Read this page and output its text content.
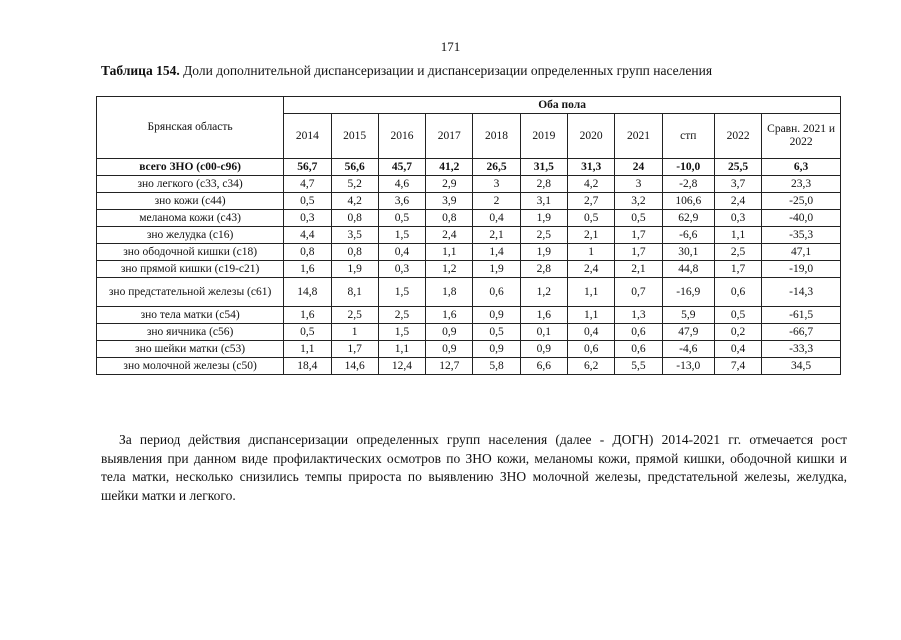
171
Таблица 154. Доли дополнительной диспансеризации и диспансеризации определенных групп населения
Брянская область	Оба пола										
	2014	2015	2016	2017	2018	2019	2020	2021	стп	2022	Сравн. 2021 и 2022
всего ЗНО (с00-с96)	56,7	56,6	45,7	41,2	26,5	31,5	31,3	24	-10,0	25,5	6,3
зно легкого (с33, с34)	4,7	5,2	4,6	2,9	3	2,8	4,2	3	-2,8	3,7	23,3
зно кожи (с44)	0,5	4,2	3,6	3,9	2	3,1	2,7	3,2	106,6	2,4	-25,0
меланома кожи (с43)	0,3	0,8	0,5	0,8	0,4	1,9	0,5	0,5	62,9	0,3	-40,0
зно желудка (с16)	4,4	3,5	1,5	2,4	2,1	2,5	2,1	1,7	-6,6	1,1	-35,3
зно ободочной кишки (с18)	0,8	0,8	0,4	1,1	1,4	1,9	1	1,7	30,1	2,5	47,1
зно прямой кишки (с19-с21)	1,6	1,9	0,3	1,2	1,9	2,8	2,4	2,1	44,8	1,7	-19,0
зно предстательной железы (с61)	14,8	8,1	1,5	1,8	0,6	1,2	1,1	0,7	-16,9	0,6	-14,3
зно тела матки (с54)	1,6	2,5	2,5	1,6	0,9	1,6	1,1	1,3	5,9	0,5	-61,5
зно яичника (с56)	0,5	1	1,5	0,9	0,5	0,1	0,4	0,6	47,9	0,2	-66,7
зно шейки матки (с53)	1,1	1,7	1,1	0,9	0,9	0,9	0,6	0,6	-4,6	0,4	-33,3
зно молочной железы (с50)	18,4	14,6	12,4	12,7	5,8	6,6	6,2	5,5	-13,0	7,4	34,5
За период действия диспансеризации определенных групп населения (далее - ДОГН) 2014-2021 гг. отмечается рост выявления при данном виде профилактических осмотров по ЗНО кожи, меланомы кожи, прямой кишки, ободочной кишки и тела матки, несколько снизились темпы прироста по выявлению ЗНО молочной железы, предстательной железы, желудка, шейки матки и легкого.
